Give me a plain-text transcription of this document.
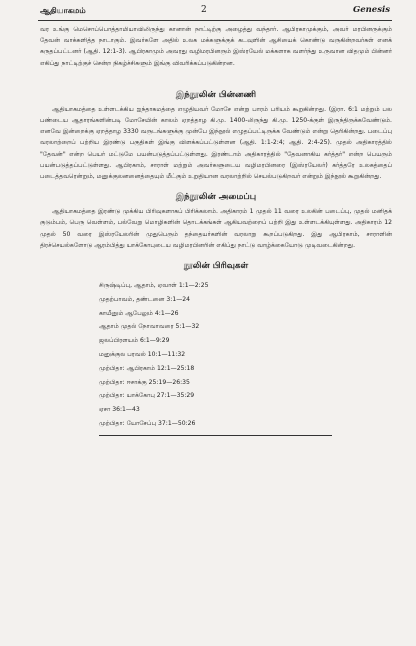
ஆதியாகமம்	2	Genesis

வர உங்கு மெசொப்பொத்தாமியாவிலிருந்து கானான் நாட்டிற்கு அழைத்து வந்தார். ஆபிரகாமுக்கும், அவர் மரபினருக்கும் தேவன் வாக்களித்த நாடாகும். இவர்களே அதில் உலக மக்களுக்குக் கடவுளின் ஆசியைக் கொண்டு வருகின்றவர்கள் எனக் கருதப்பட்டனர் (ஆதி. 12:1-3). ஆபிரகாமும் அவரது வழிமரபினரும் இஸ்ரயேல் மக்களாக வளர்ந்து உருவான விதமும் பின்னர் எகிப்து நாட்டிற்குச் சென்ற நிகழ்ச்சிகளும் இங்கு விவரிக்கப்படுகின்றன.

இந்நூலின் பின்னணி

ஆதியாகமத்தை உள்ளடக்கிய ஐந்தாகமத்தை எழுதியவர் மோசே என்று பாரம் பரியம் கூறுகின்றது. (இரா. 6:1 மற்றும் பல பண்டைய ஆதாரங்களின்படி மோசேயின் காலம் ஏறத்தாழ கி.மு. 1400-லிருந்து கி.மு. 1250-க்குள் இருந்திருக்கவேண்டும். எனவே இன்றைக்கு ஏறத்தாழ 3330 வருடங்களுக்கு முன்பே இந்நூல் எழுதப்பட்டிருக்க வேண்டும் என்று தெரிகின்றது. படைப்பு வரலாற்றைப் பற்றிய இரண்டு பகுதிகள் இங்கு விளக்கப்பட்டுள்ளன (ஆதி. 1:1-2:4; ஆதி. 2:4-25). முதல் அதிகாரத்தில் "தேவன்" என்ற பெயர் மட்டுமே பயன்படுத்தப்பட்டுள்ளது. இரண்டாம் அதிகாரத்தில் "தேவனாகிய கர்த்தர்" என்ற பெயரும் பயன்படுத்தப்பட்டுள்ளது. ஆபிரகாம், சாராள் மற்றும் அவர்களுடைய வழிமரபினரை (இஸ்ரயேலர்) கர்த்தரே உலகத்தைப் படைத்தவரென்றும், மனுக்குலனனைத்தையும் மீட்கும் உறுதியான வரலாற்றில் செயல்படுகிறவர் என்றும் இந்நூல் கூறுகின்றது.

இந்நூலின் அமைப்பு

ஆதியாகமத்தை இரண்டு முக்கிய பிரிவுகளாகப் பிரிக்கலாம். அதிகாரம் 1 முதல் 11 வரை உலகின் படைப்பு, முதல் மனிதக் குடும்பம், பெரு வெள்ளம், பல்வேறு மொழிகளின் தொடக்கங்கள் ஆகியவற்றைப் பற்றி இது உள்ளடக்கியுள்ளது. அதிகாரம் 12 முதல் 50 வரை இஸ்ரயேலரின் முதுபெரும் தந்தையர்களின் வரலாறு கூறப்படுகிறது. இது ஆபிரகாம், சாராளின் திரச்செயல்களோடு ஆரம்பித்து யாக்கோபுடைய வழிமரபினரின் எகிப்து நாட்டு வாழ்க்கையோடு முடிவடைகின்றது.

நூலின் பிரிவுகள்
சிருஷ்டிப்பு, ஆதாம், ஏவாள் 1:1—2:25
முதற்பாவம், தண்டனை 3:1—24
காயீனும் ஆபேலும் 4:1—26
ஆதாம் முதல் நோவாவரை 5:1—32
ஜலப்பிரளயம் 6:1—9:29
மனுக்குல பரவல் 10:1—11:32
முற்பிதா: ஆபிரகாம் 12:1—25:18
முற்பிதா: ஈசாக்கு 25:19—26:35
முற்பிதா: யாக்கோபு 27:1—35:29
ஏசா 36:1—43
முற்பிதா: யோசேப்பு 37:1—50:26
